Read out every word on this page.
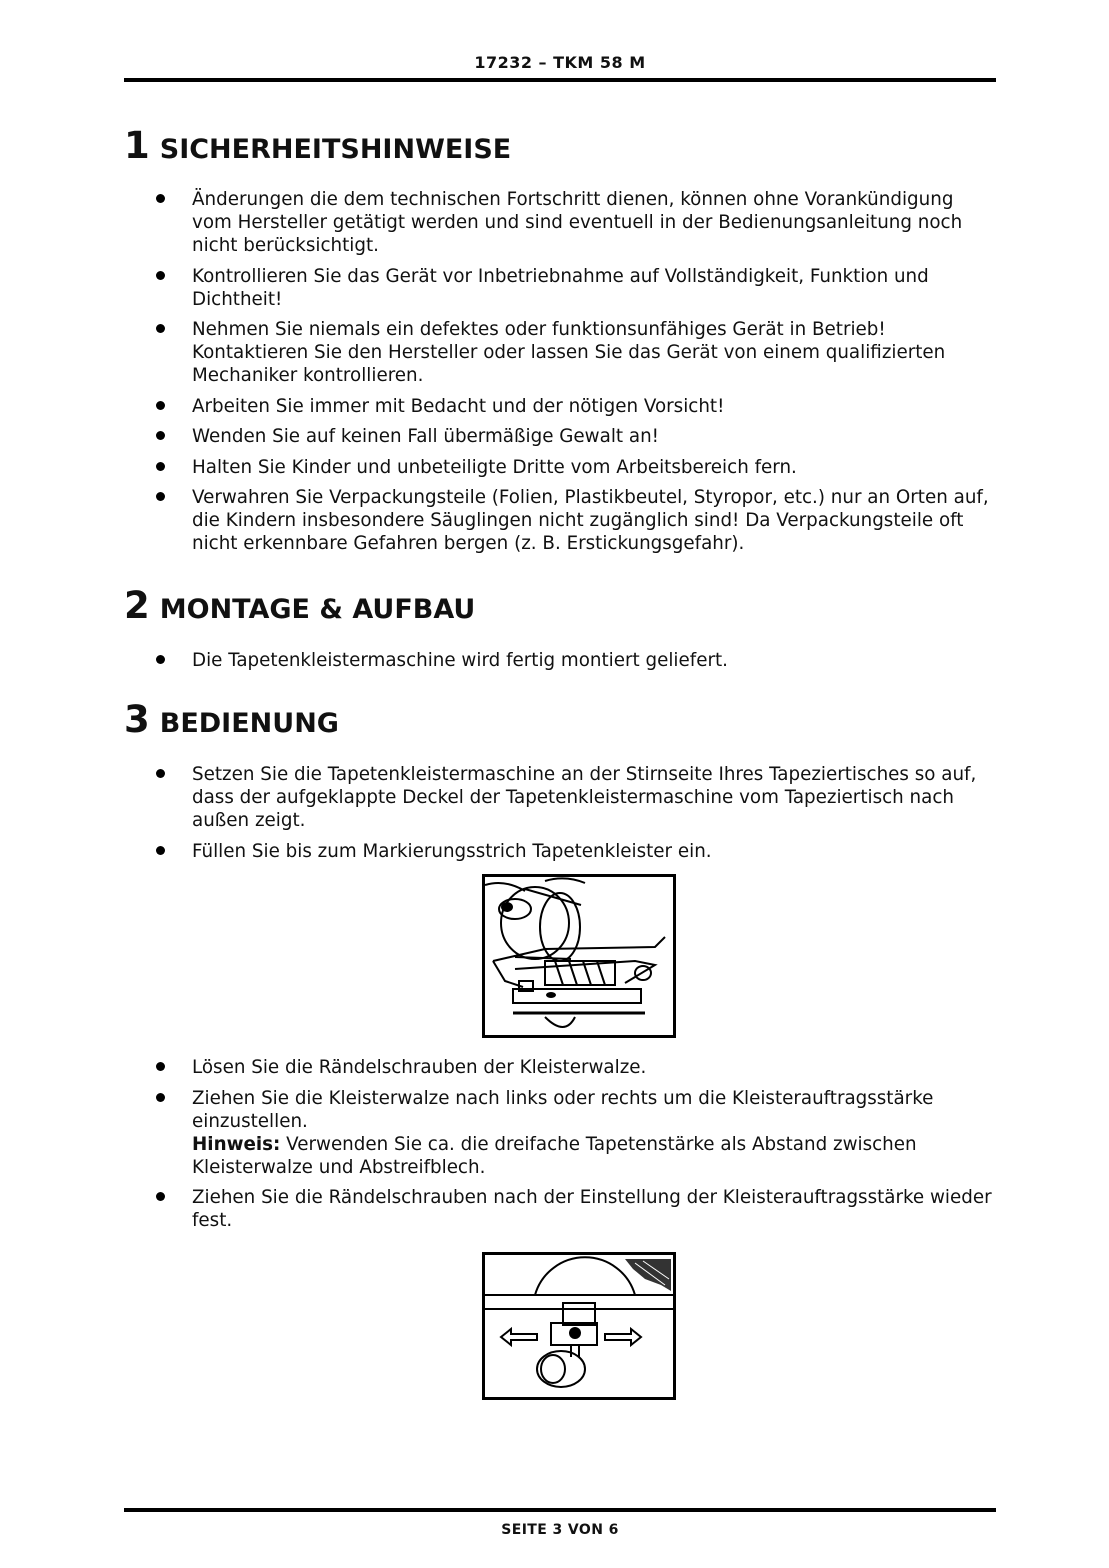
17232 – TKM 58 M
1 SICHERHEITSHINWEISE
Änderungen die dem technischen Fortschritt dienen, können ohne Vorankündigung vom Hersteller getätigt werden und sind eventuell in der Bedienungsanleitung noch nicht berücksichtigt.
Kontrollieren Sie das Gerät vor Inbetriebnahme auf Vollständigkeit, Funktion und Dichtheit!
Nehmen Sie niemals ein defektes oder funktionsunfähiges Gerät in Betrieb! Kontaktieren Sie den Hersteller oder lassen Sie das Gerät von einem qualifizierten Mechaniker kontrollieren.
Arbeiten Sie immer mit Bedacht und der nötigen Vorsicht!
Wenden Sie auf keinen Fall übermäßige Gewalt an!
Halten Sie Kinder und unbeteiligte Dritte vom Arbeitsbereich fern.
Verwahren Sie Verpackungsteile (Folien, Plastikbeutel, Styropor, etc.) nur an Orten auf, die Kindern insbesondere Säuglingen nicht zugänglich sind! Da Verpackungsteile oft nicht erkennbare Gefahren bergen (z. B. Erstickungsgefahr).
2 MONTAGE & AUFBAU
Die Tapetenkleistermaschine wird fertig montiert geliefert.
3 BEDIENUNG
Setzen Sie die Tapetenkleistermaschine an der Stirnseite Ihres Tapeziertisches so auf, dass der aufgeklappte Deckel der Tapetenkleistermaschine vom Tapeziertisch nach außen zeigt.
Füllen Sie bis zum Markierungsstrich Tapetenkleister ein.
Lösen Sie die Rändelschrauben der Kleisterwalze.
Ziehen Sie die Kleisterwalze nach links oder rechts um die Kleisterauftragsstärke einzustellen.
Hinweis: Verwenden Sie ca. die dreifache Tapetenstärke als Abstand zwischen Kleisterwalze und Abstreifblech.
Ziehen Sie die Rändelschrauben nach der Einstellung der Kleisterauftragsstärke wieder fest.
SEITE 3 VON 6
